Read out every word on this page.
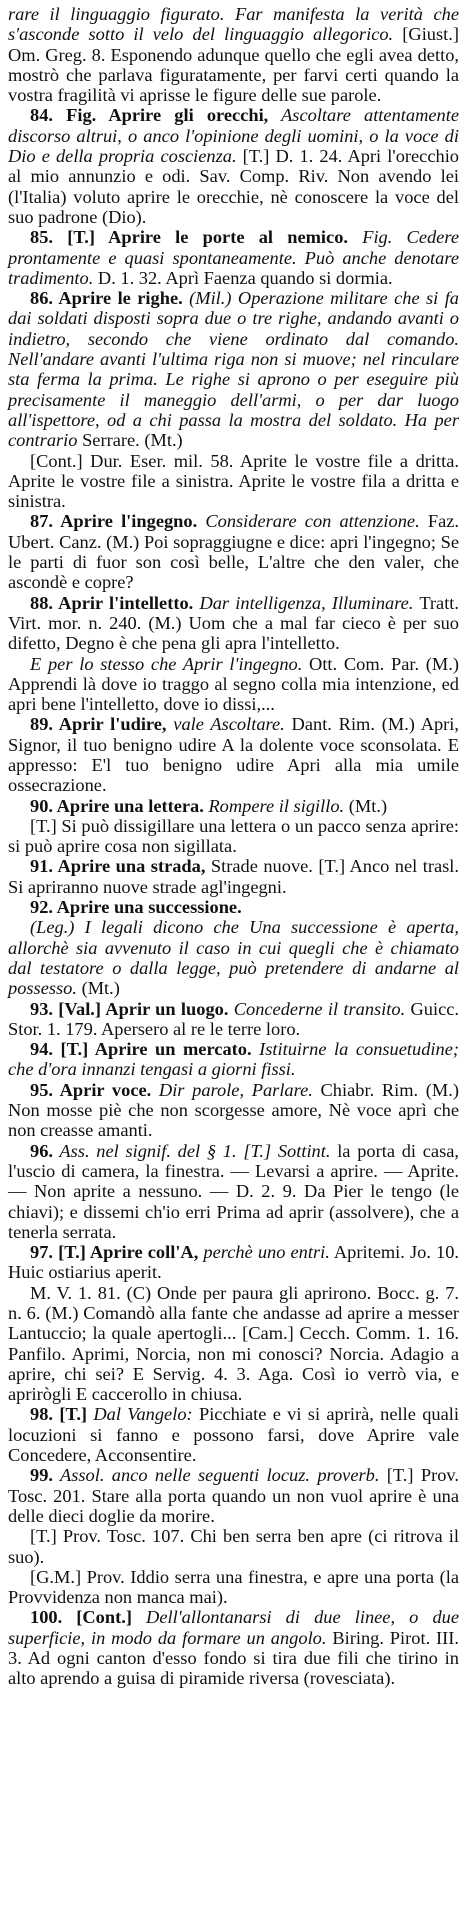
rare il linguaggio figurato. Far manifesta la verità che s'asconde sotto il velo del linguaggio allegorico. [Giust.] Om. Greg. 8. Esponendo adunque quello che egli avea detto, mostrò che parlava figuratamente, per farvi certi quando la vostra fragilità vi aprisse le figure delle sue parole.

84. Fig. Aprire gli orecchi, Ascoltare attentamente discorso altrui, o anco l'opinione degli uomini, o la voce di Dio e della propria coscienza. [T.] D. 1. 24. Apri l'orecchio al mio annunzio e odi. Sav. Comp. Riv. Non avendo lei (l'Italia) voluto aprire le orecchie, nè conoscere la voce del suo padrone (Dio).

85. [T.] Aprire le porte al nemico. Fig. Cedere prontamente e quasi spontaneamente. Può anche denotare tradimento. D. 1. 32. Aprì Faenza quando si dormia.

86. Aprire le righe. (Mil.) Operazione militare che si fa dai soldati disposti sopra due o tre righe, andando avanti o indietro, secondo che viene ordinato dal comando. Nell'andare avanti l'ultima riga non si muove; nel rinculare sta ferma la prima. Le righe si aprono o per eseguire più precisamente il maneggio dell'armi, o per dar luogo all'ispettore, od a chi passa la mostra del soldato. Ha per contrario Serrare. (Mt.)

[Cont.] Dur. Eser. mil. 58. Aprite le vostre file a dritta. Aprite le vostre file a sinistra. Aprite le vostre fila a dritta e sinistra.

87. Aprire l'ingegno. Considerare con attenzione. Faz. Ubert. Canz. (M.) Poi sopraggiugne e dice: apri l'ingegno; Se le parti di fuor son così belle, L'altre che den valer, che ascondè e copre?

88. Aprir l'intelletto. Dar intelligenza, Illuminare. Tratt. Virt. mor. n. 240. (M.) Uom che a mal far cieco è per suo difetto, Degno è che pena gli apra l'intelletto.

E per lo stesso che Aprir l'ingegno. Ott. Com. Par. (M.) Apprendi là dove io traggo al segno colla mia intenzione, ed apri bene l'intelletto, dove io dissi,...

89. Aprir l'udire, vale Ascoltare. Dant. Rim. (M.) Apri, Signor, il tuo benigno udire A la dolente voce sconsolata. E appresso: E'l tuo benigno udire Apri alla mia umile ossecrazione.

90. Aprire una lettera. Rompere il sigillo. (Mt.)

[T.] Si può dissigillare una lettera o un pacco senza aprire: si può aprire cosa non sigillata.

91. Aprire una strada, Strade nuove. [T.] Anco nel trasl. Si apriranno nuove strade agl'ingegni.

92. Aprire una successione.

(Leg.) I legali dicono che Una successione è aperta, allorchè sia avvenuto il caso in cui quegli che è chiamato dal testatore o dalla legge, può pretendere di andarne al possesso. (Mt.)

93. [Val.] Aprir un luogo. Concederne il transito. Guicc. Stor. 1. 179. Apersero al re le terre loro.

94. [T.] Aprire un mercato. Istituirne la consuetudine; che d'ora innanzi tengasi a giorni fissi.

95. Aprir voce. Dir parole, Parlare. Chiabr. Rim. (M.) Non mosse piè che non scorgesse amore, Nè voce aprì che non creasse amanti.

96. Ass. nel signif. del § 1. [T.] Sottint. la porta di casa, l'uscio di camera, la finestra. — Levarsi a aprire. — Aprite. — Non aprite a nessuno. — D. 2. 9. Da Pier le tengo (le chiavi); e dissemi ch'io erri Prima ad aprir (assolvere), che a tenerla serrata.

97. [T.] Aprire coll'A, perchè uno entri. Apritemi. Jo. 10. Huic ostiarius aperit.

M. V. 1. 81. (C) Onde per paura gli aprirono. Bocc. g. 7. n. 6. (M.) Comandò alla fante che andasse ad aprire a messer Lantuccio; la quale apertogli... [Cam.] Cecch. Comm. 1. 16. Panfilo. Aprimi, Norcia, non mi conosci? Norcia. Adagio a aprire, chi sei? E Servig. 4. 3. Aga. Così io verrò via, e aprirògli E caccerollo in chiusa.

98. [T.] Dal Vangelo: Picchiate e vi si aprirà, nelle quali locuzioni si fanno e possono farsi, dove Aprire vale Concedere, Acconsentire.

99. Assol. anco nelle seguenti locuz. proverb. [T.] Prov. Tosc. 201. Stare alla porta quando un non vuol aprire è una delle dieci doglie da morire.

[T.] Prov. Tosc. 107. Chi ben serra ben apre (ci ritrova il suo).

[G.M.] Prov. Iddio serra una finestra, e apre una porta (la Provvidenza non manca mai).

100. [Cont.] Dell'allontanarsi di due linee, o due superficie, in modo da formare un angolo. Biring. Pirot. III. 3. Ad ogni canton d'esso fondo si tira due fili che tirino in alto aprendo a guisa di piramide riversa (rovesciata).
